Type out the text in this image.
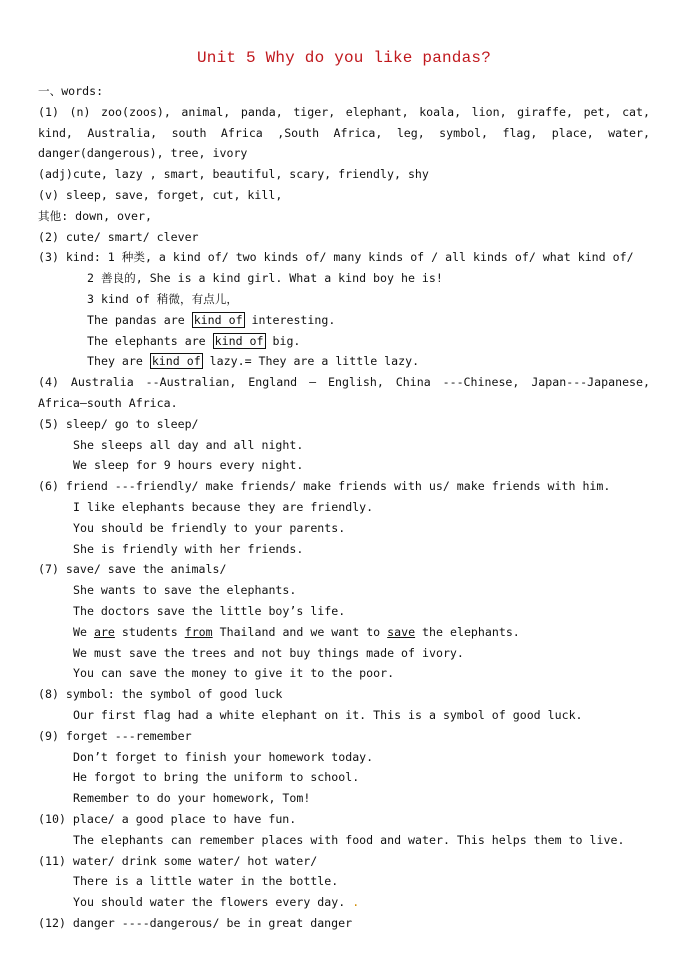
Unit 5 Why do you like pandas?
一、words:
(1) (n) zoo(zoos), animal, panda, tiger, elephant, koala, lion, giraffe, pet, cat,
kind, Australia, south Africa ,South Africa, leg, symbol, flag, place, water,
danger(dangerous), tree, ivory
(adj)cute, lazy , smart, beautiful, scary, friendly, shy
(v) sleep, save, forget, cut, kill,
其他: down, over,
(2) cute/ smart/ clever
(3) kind: 1 种类, a kind of/ two kinds of/ many kinds of / all kinds of/ what kind of/
2 善良的, She is a kind girl. What a kind boy he is!
3 kind of 稍微，有点儿，
The pandas are kind of interesting.
The elephants are kind of big.
They are kind of lazy.= They are a little lazy.
(4) Australia --Australian, England – English, China ---Chinese, Japan---Japanese,
Africa—south Africa.
(5) sleep/ go to sleep/
She sleeps all day and all night.
We sleep for 9 hours every night.
(6) friend ---friendly/ make friends/ make friends with us/ make friends with him.
I like elephants because they are friendly.
You should be friendly to your parents.
She is friendly with her friends.
(7) save/ save the animals/
She wants to save the elephants.
The doctors save the little boy’s life.
We are students from Thailand and we want to save the elephants.
We must save the trees and not buy things made of ivory.
You can save the money to give it to the poor.
(8) symbol: the symbol of good luck
Our first flag had a white elephant on it. This is a symbol of good luck.
(9) forget ---remember
Don’t forget to finish your homework today.
He forgot to bring the uniform to school.
Remember to do your homework, Tom!
(10) place/ a good place to have fun.
The elephants can remember places with food and water. This helps them to live.
(11) water/ drink some water/ hot water/
There is a little water in the bottle.
You should water the flowers every day. .
(12) danger ----dangerous/ be in great danger
